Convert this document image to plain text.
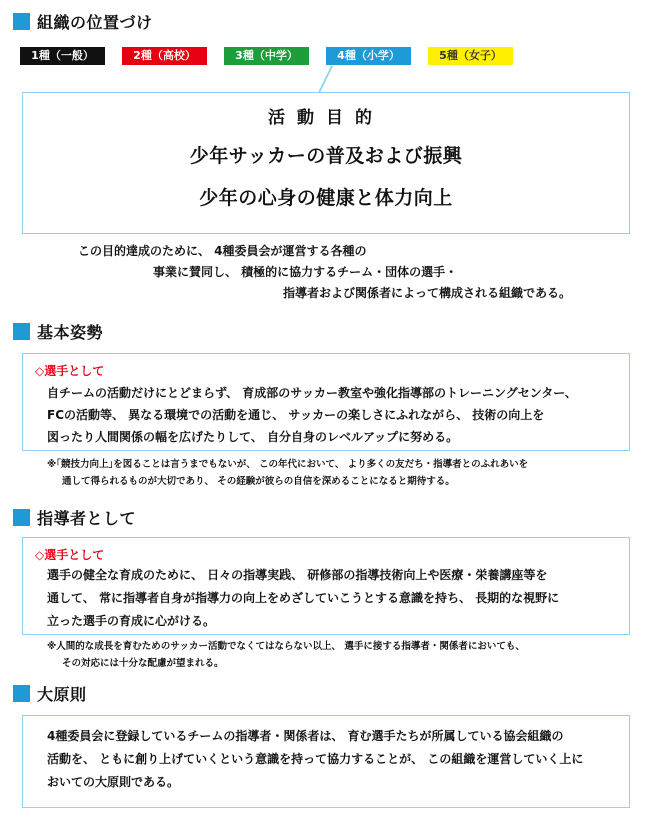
組織の位置づけ
1種（一般）	2種（高校）	3種（中学）	4種（小学）	5種（女子）
活動目的
少年サッカーの普及および振興
少年の心身の健康と体力向上
この目的達成のために、 4種委員会が運営する各種の
事業に賛同し、 積極的に協力するチーム・団体の選手・
指導者および関係者によって構成される組織である。
基本姿勢
◇選手として
自チームの活動だけにとどまらず、 育成部のサッカー教室や強化指導部のトレーニングセンター、
FCの活動等、 異なる環境での活動を通じ、 サッカーの楽しさにふれながら、 技術の向上を
図ったり人間関係の幅を広げたりして、 自分自身のレベルアップに努める。
※｢競技力向上｣を図ることは言うまでもないが、 この年代において、 より多くの友だち・指導者とのふれあいを
通して得られるものが大切であり、 その経験が彼らの自信を深めることになると期待する。
指導者として
◇選手として
選手の健全な育成のために、 日々の指導実践、 研修部の指導技術向上や医療・栄養講座等を
通して、 常に指導者自身が指導力の向上をめざしていこうとする意識を持ち、 長期的な視野に
立った選手の育成に心がける。
※人間的な成長を育むためのサッカー活動でなくてはならない以上、 選手に接する指導者・関係者においても、
その対応には十分な配慮が望まれる。
大原則
4種委員会に登録しているチームの指導者・関係者は、 育む選手たちが所属している協会組織の
活動を、 ともに創り上げていくという意識を持って協力することが、 この組織を運営していく上に
おいての大原則である。
